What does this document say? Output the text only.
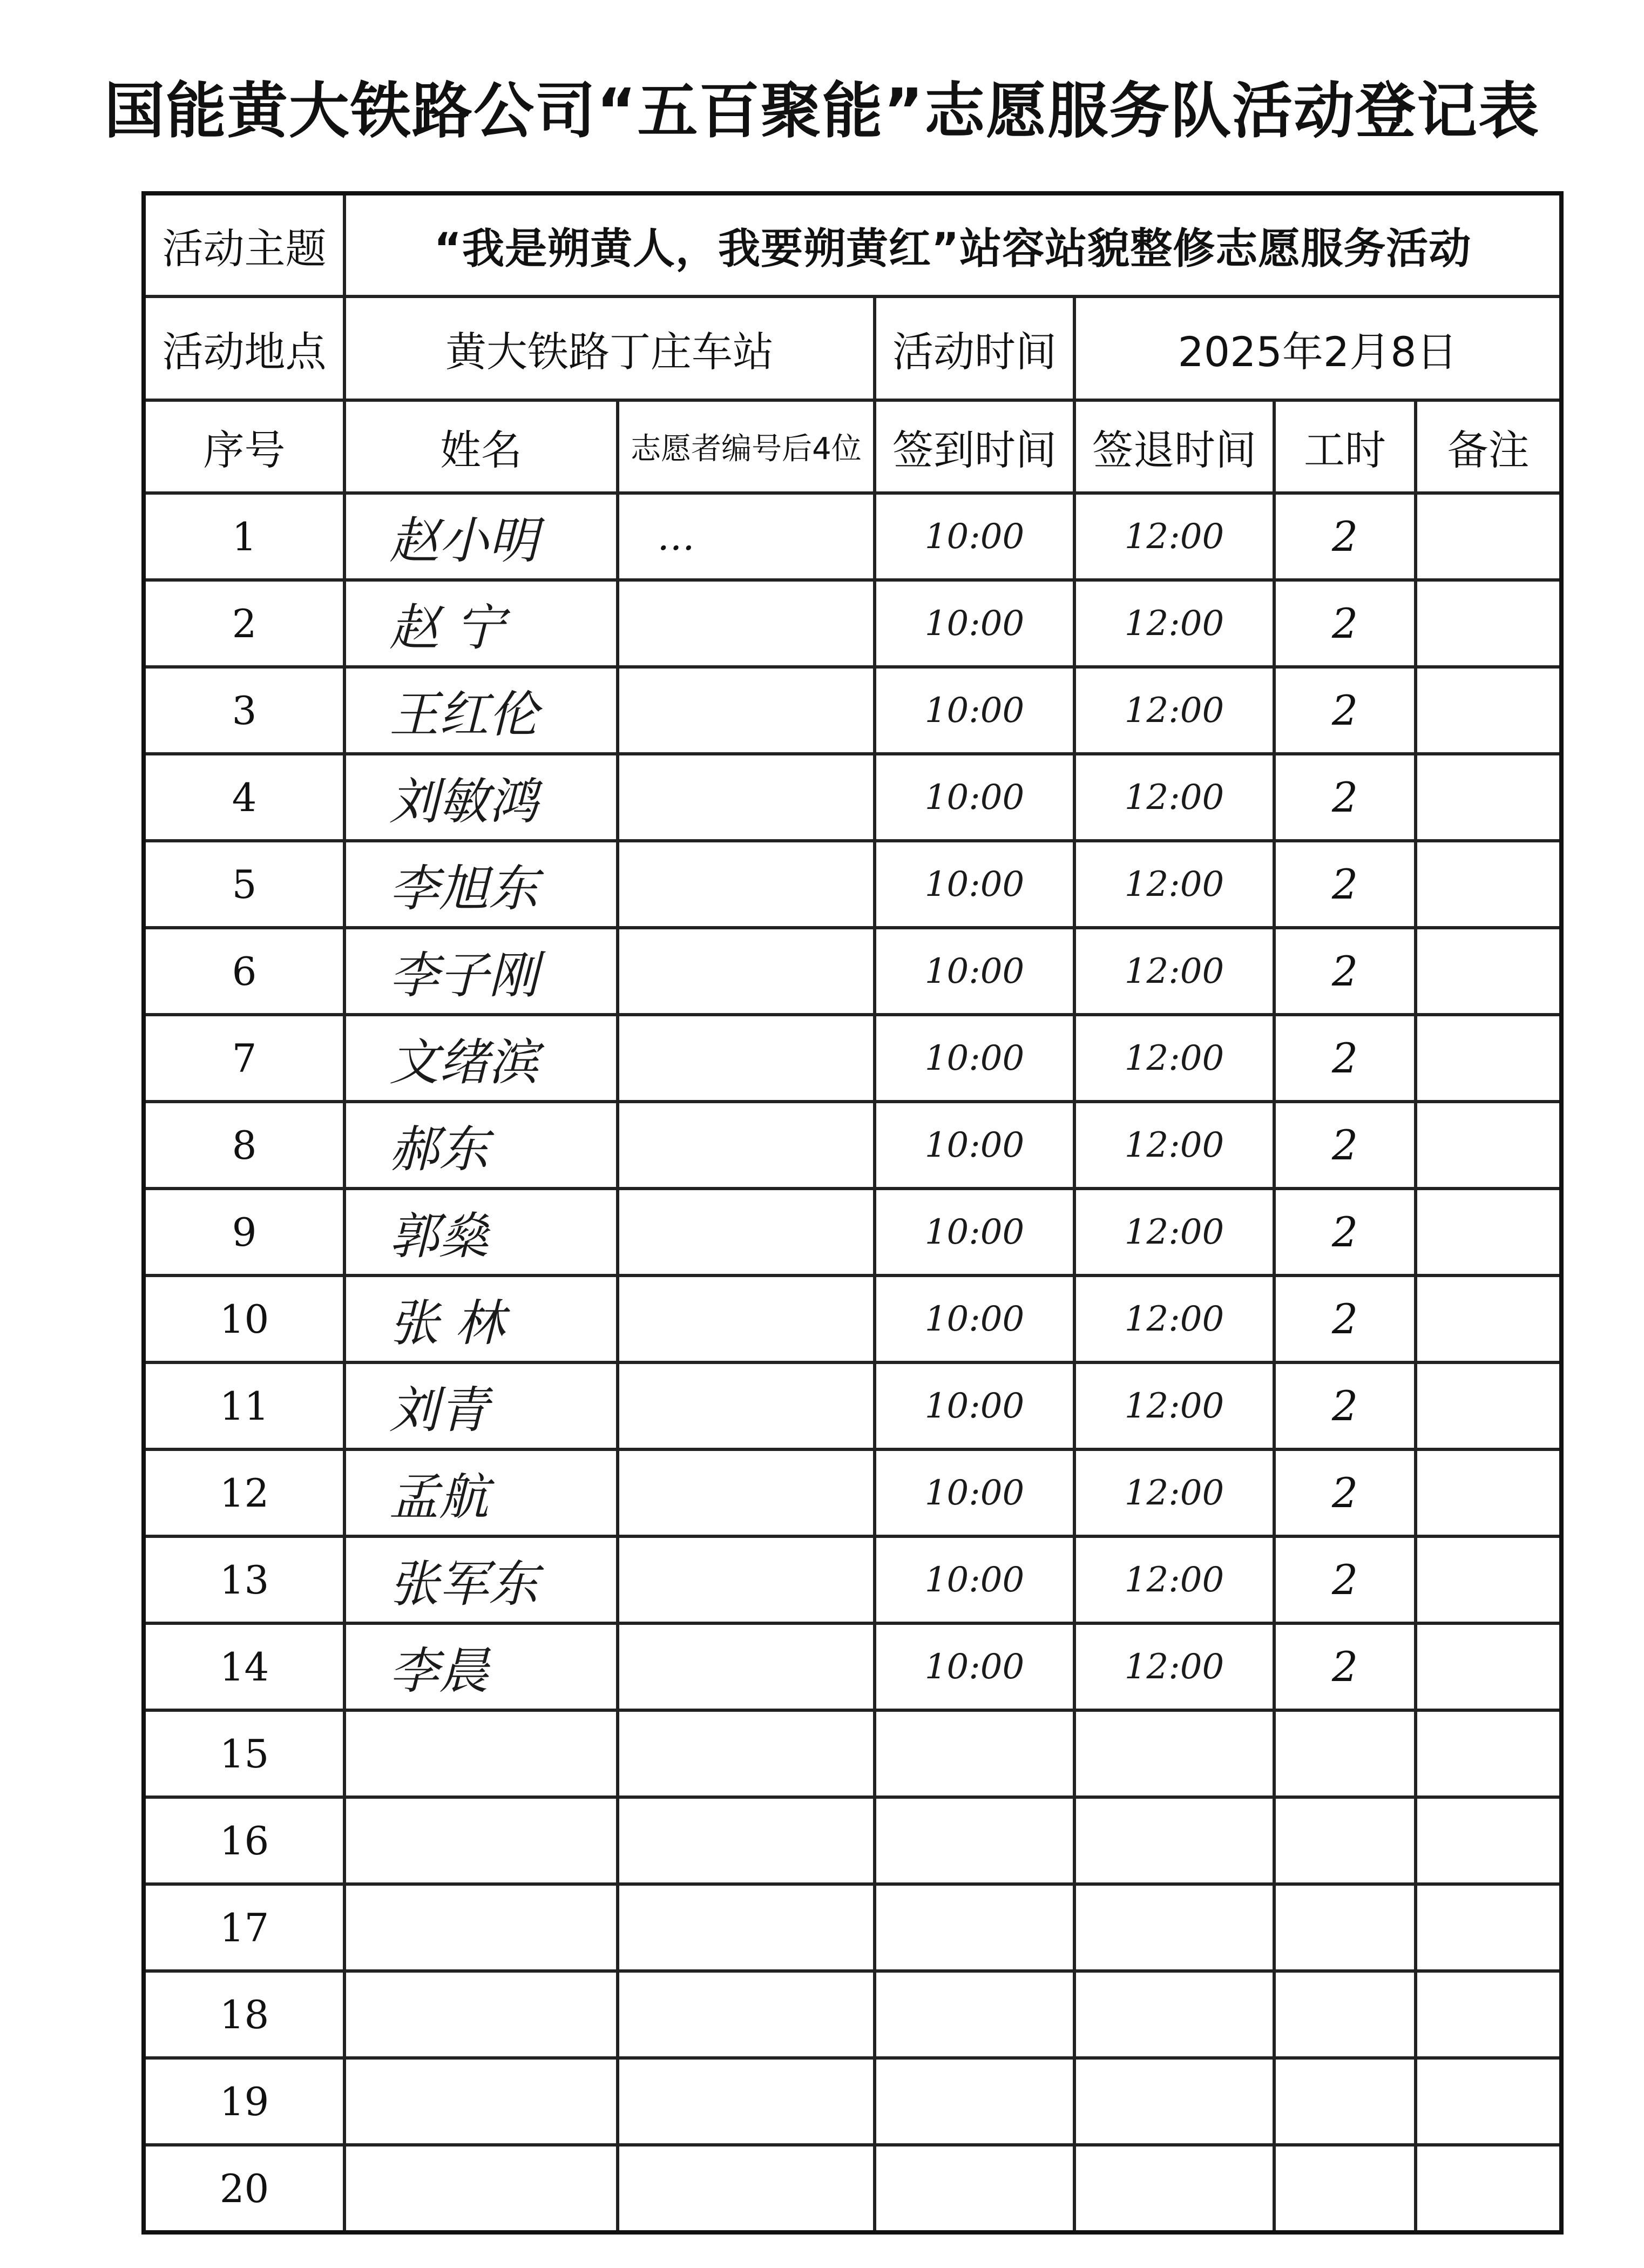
国能黄大铁路公司“五百聚能”志愿服务队活动登记表
活动主题	“我是朔黄人，我要朔黄红”站容站貌整修志愿服务活动					
活动地点	黄大铁路丁庄车站		活动时间	2025年2月8日		
序号	姓名	志愿者编号后4位	签到时间	签退时间	工时	备注
1	赵小明	…	10:00	12:00	2	
2	赵 宁		10:00	12:00	2	
3	王红伦		10:00	12:00	2	
4	刘敏鸿		10:00	12:00	2	
5	李旭东		10:00	12:00	2	
6	李子刚		10:00	12:00	2	
7	文绪滨		10:00	12:00	2	
8	郝东		10:00	12:00	2	
9	郭燊		10:00	12:00	2	
10	张 林		10:00	12:00	2	
11	刘青		10:00	12:00	2	
12	孟航		10:00	12:00	2	
13	张军东		10:00	12:00	2	
14	李晨		10:00	12:00	2	
15						
16						
17						
18						
19						
20						
